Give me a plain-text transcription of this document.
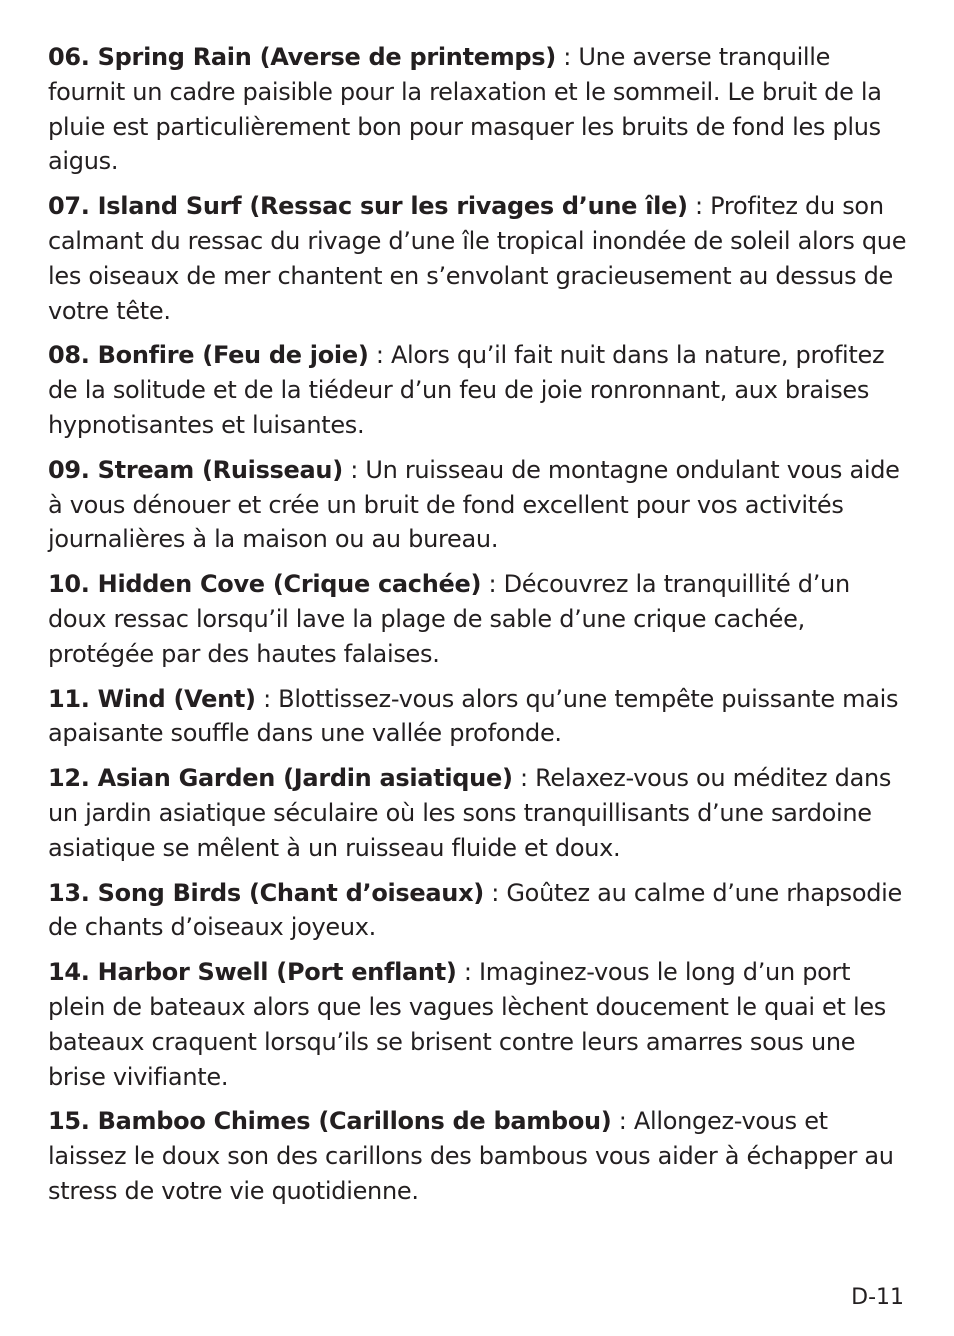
06. Spring Rain (Averse de printemps) : Une averse tranquille fournit un cadre paisible pour la relaxation et le sommeil. Le bruit de la pluie est particulièrement bon pour masquer les bruits de fond les plus aigus.

07. Island Surf (Ressac sur les rivages d’une île) : Profitez du son calmant du ressac du rivage d’une île tropical inondée de soleil alors que les oiseaux de mer chantent en s’envolant gracieusement au dessus de votre tête.

08. Bonfire (Feu de joie) : Alors qu’il fait nuit dans la nature, profitez de la solitude et de la tiédeur d’un feu de joie ronronnant, aux braises hypnotisantes et luisantes.

09. Stream (Ruisseau) : Un ruisseau de montagne ondulant vous aide à vous dénouer et crée un bruit de fond excellent pour vos activités journalières à la maison ou au bureau.

10. Hidden Cove (Crique cachée) : Découvrez la tranquillité d’un doux ressac lorsqu’il lave la plage de sable d’une crique cachée, protégée par des hautes falaises.

11. Wind (Vent) : Blottissez-vous alors qu’une tempête puissante mais apaisante souffle dans une vallée profonde.

12. Asian Garden (Jardin asiatique) : Relaxez-vous ou méditez dans un jardin asiatique séculaire où les sons tranquillisants d’une sardoine asiatique se mêlent à un ruisseau fluide et doux.

13. Song Birds (Chant d’oiseaux) : Goûtez au calme d’une rhapsodie de chants d’oiseaux joyeux.

14. Harbor Swell (Port enflant) : Imaginez-vous le long d’un port plein de bateaux alors que les vagues lèchent doucement le quai et les bateaux craquent lorsqu’ils se brisent contre leurs amarres sous une brise vivifiante.

15. Bamboo Chimes (Carillons de bambou) : Allongez-vous et laissez le doux son des carillons des bambous vous aider à échapper au stress de votre vie quotidienne.

D-11
